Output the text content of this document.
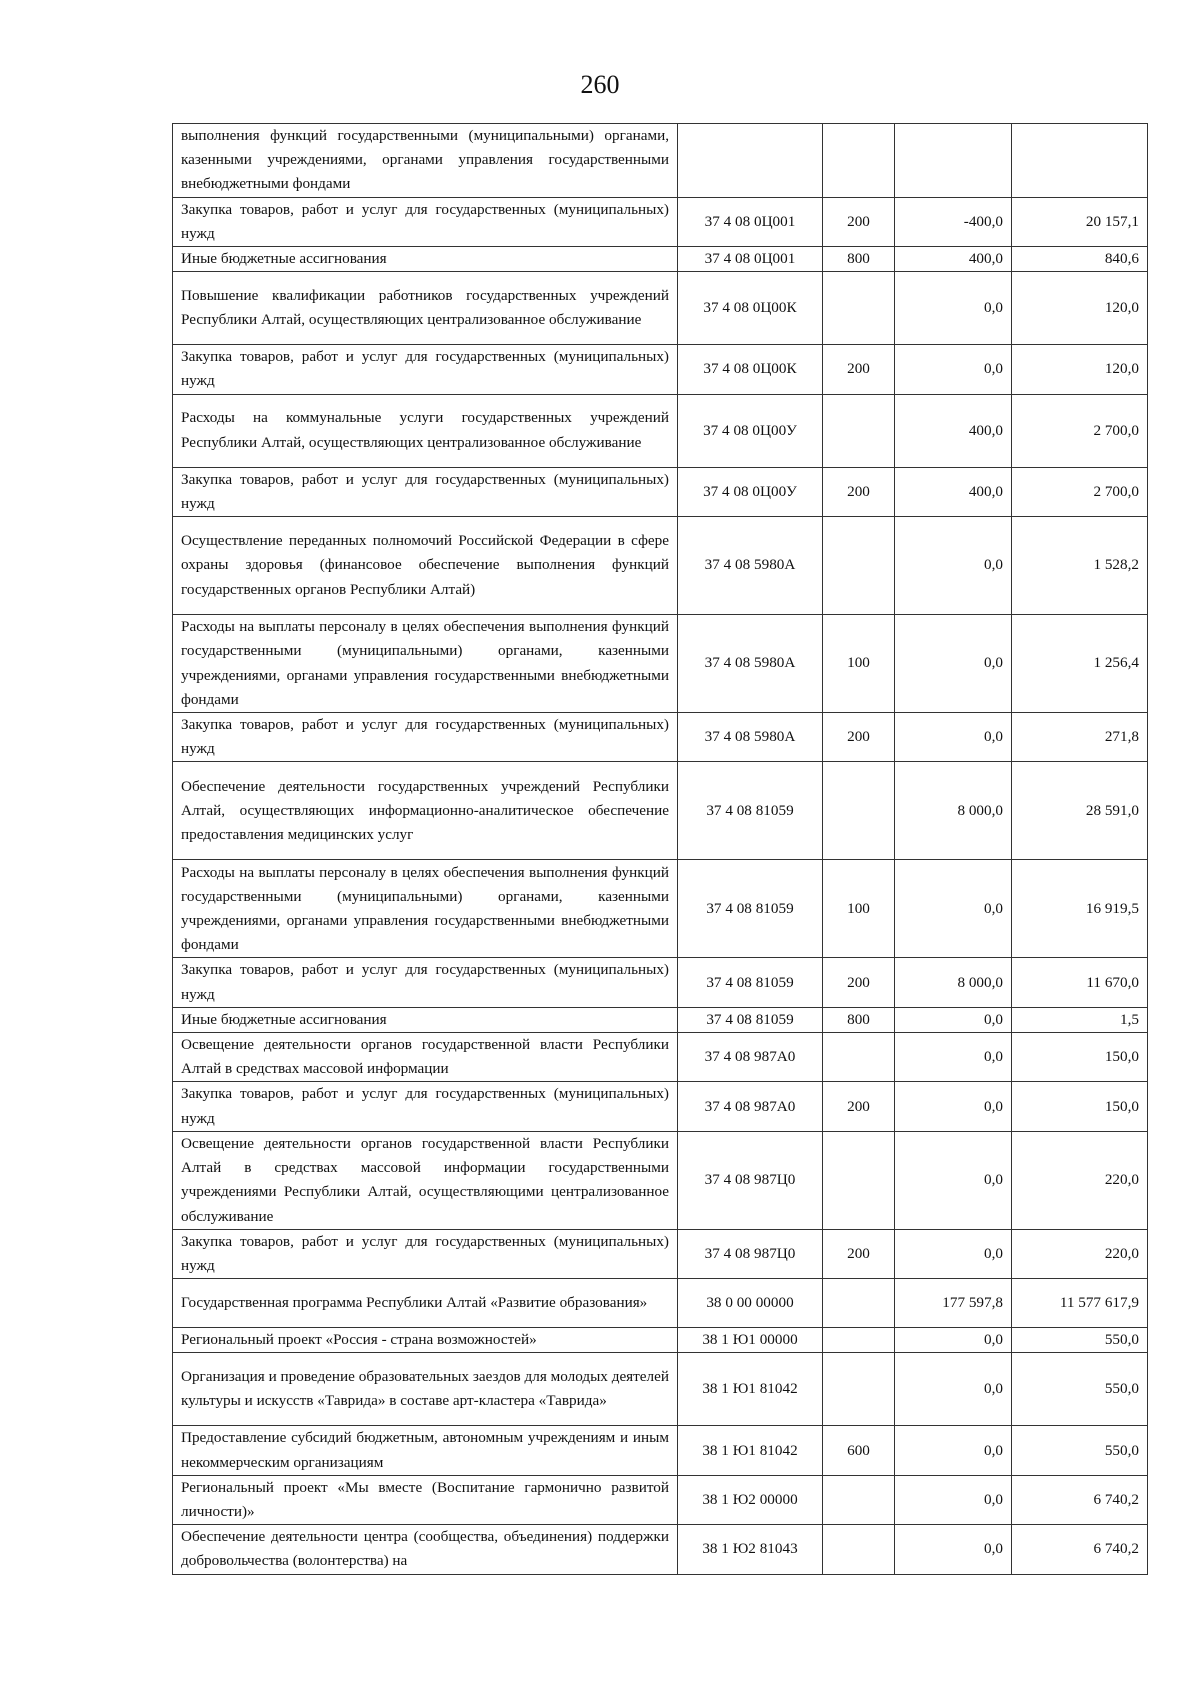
260
выполнения функций государственными (муниципальными) органами, казенными учреждениями, органами управления государственными внебюджетными фондами				
Закупка товаров, работ и услуг для государственных (муниципальных) нужд	37 4 08 0Ц001	200	-400,0	20 157,1
Иные бюджетные ассигнования	37 4 08 0Ц001	800	400,0	840,6
Повышение квалификации работников государственных учреждений Республики Алтай, осуществляющих централизованное обслуживание	37 4 08 0Ц00К		0,0	120,0
Закупка товаров, работ и услуг для государственных (муниципальных) нужд	37 4 08 0Ц00К	200	0,0	120,0
Расходы на коммунальные услуги государственных учреждений Республики Алтай, осуществляющих централизованное обслуживание	37 4 08 0Ц00У		400,0	2 700,0
Закупка товаров, работ и услуг для государственных (муниципальных) нужд	37 4 08 0Ц00У	200	400,0	2 700,0
Осуществление переданных полномочий Российской Федерации в сфере охраны здоровья (финансовое обеспечение выполнения функций государственных органов Республики Алтай)	37 4 08 5980А		0,0	1 528,2
Расходы на выплаты персоналу в целях обеспечения выполнения функций государственными (муниципальными) органами, казенными учреждениями, органами управления государственными внебюджетными фондами	37 4 08 5980А	100	0,0	1 256,4
Закупка товаров, работ и услуг для государственных (муниципальных) нужд	37 4 08 5980А	200	0,0	271,8
Обеспечение деятельности государственных учреждений Республики Алтай, осуществляющих информационно-аналитическое обеспечение предоставления медицинских услуг	37 4 08 81059		8 000,0	28 591,0
Расходы на выплаты персоналу в целях обеспечения выполнения функций государственными (муниципальными) органами, казенными учреждениями, органами управления государственными внебюджетными фондами	37 4 08 81059	100	0,0	16 919,5
Закупка товаров, работ и услуг для государственных (муниципальных) нужд	37 4 08 81059	200	8 000,0	11 670,0
Иные бюджетные ассигнования	37 4 08 81059	800	0,0	1,5
Освещение деятельности органов государственной власти Республики Алтай в средствах массовой информации	37 4 08 987А0		0,0	150,0
Закупка товаров, работ и услуг для государственных (муниципальных) нужд	37 4 08 987А0	200	0,0	150,0
Освещение деятельности органов государственной власти Республики Алтай в средствах массовой информации государственными учреждениями Республики Алтай, осуществляющими централизованное обслуживание	37 4 08 987Ц0		0,0	220,0
Закупка товаров, работ и услуг для государственных (муниципальных) нужд	37 4 08 987Ц0	200	0,0	220,0
Государственная программа Республики Алтай «Развитие образования»	38 0 00 00000		177 597,8	11 577 617,9
Региональный проект «Россия - страна возможностей»	38 1 Ю1 00000		0,0	550,0
Организация и проведение образовательных заездов для молодых деятелей культуры и искусств «Таврида» в составе арт-кластера «Таврида»	38 1 Ю1 81042		0,0	550,0
Предоставление субсидий бюджетным, автономным учреждениям и иным некоммерческим организациям	38 1 Ю1 81042	600	0,0	550,0
Региональный проект «Мы вместе (Воспитание гармонично развитой личности)»	38 1 Ю2 00000		0,0	6 740,2
Обеспечение деятельности центра (сообщества, объединения) поддержки добровольчества (волонтерства) на	38 1 Ю2 81043		0,0	6 740,2
